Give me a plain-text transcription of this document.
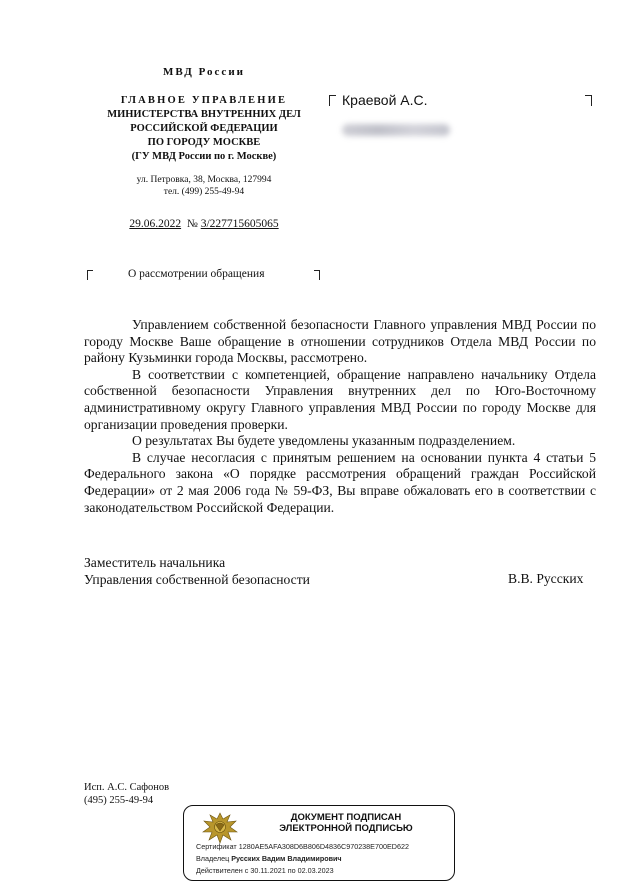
МВД России
ГЛАВНОЕ УПРАВЛЕНИЕ
МИНИСТЕРСТВА ВНУТРЕННИХ ДЕЛ
РОССИЙСКОЙ ФЕДЕРАЦИИ
ПО ГОРОДУ МОСКВЕ
(ГУ МВД России по г. Москве)
ул. Петровка, 38, Москва, 127994
тел. (499) 255-49-94
29.06.2022 № 3/227715605065
Краевой А.С.
О рассмотрении обращения

Управлением собственной безопасности Главного управления МВД России по городу Москве Ваше обращение в отношении сотрудников Отдела МВД России по району Кузьминки города Москвы, рассмотрено.

В соответствии с компетенцией, обращение направлено начальнику Отдела собственной безопасности Управления внутренних дел по Юго-Восточному административному округу Главного управления МВД России по городу Москве для организации проведения проверки.

О результатах Вы будете уведомлены указанным подразделением.

В случае несогласия с принятым решением на основании пункта 4 статьи 5 Федерального закона «О порядке рассмотрения обращений граждан Российской Федерации» от 2 мая 2006 года № 59-ФЗ, Вы вправе обжаловать его в соответствии с законодательством Российской Федерации.

Заместитель начальника
Управления собственной безопасности	В.В. Русских
Исп. А.С. Сафонов
(495) 255-49-94
ДОКУМЕНТ ПОДПИСАН
ЭЛЕКТРОННОЙ ПОДПИСЬЮ
Сертификат 1280AE5AFA308D6B806D4836C970238E700ED622
Владелец Русских Вадим Владимирович
Действителен с 30.11.2021 по 02.03.2023
